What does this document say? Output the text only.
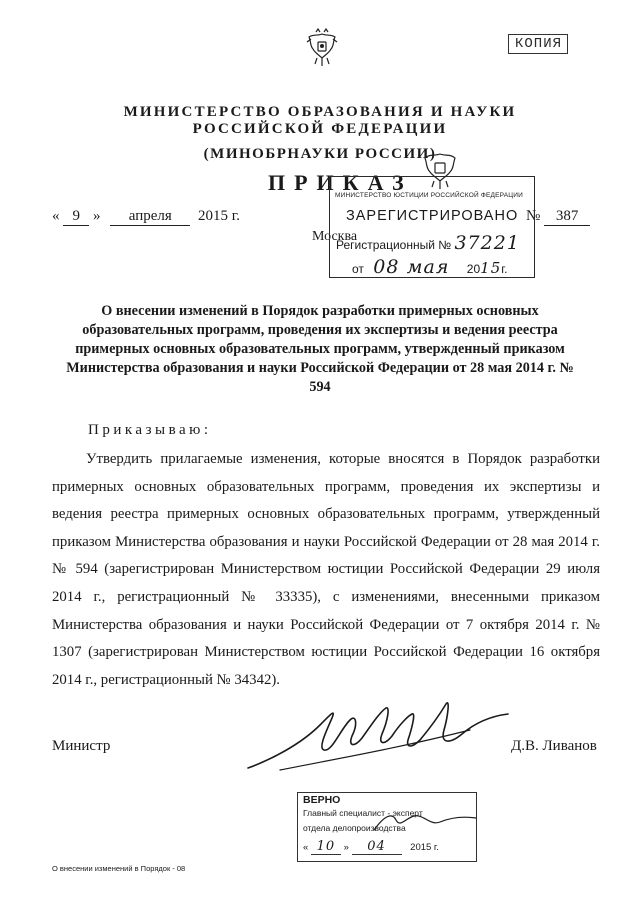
КОПИЯ
МИНИСТЕРСТВО ОБРАЗОВАНИЯ И НАУКИ
РОССИЙСКОЙ ФЕДЕРАЦИИ
(МИНОБРНАУКИ РОССИИ)
ПРИКАЗ
« 9 » апреля 2015 г.	№ 387
Москва
МИНИСТЕРСТВО ЮСТИЦИИ РОССИЙСКОЙ ФЕДЕРАЦИИ
ЗАРЕГИСТРИРОВАНО
Регистрационный № 37221
от 08 мая 2015г.
О внесении изменений в Порядок разработки примерных основных образовательных программ, проведения их экспертизы и ведения реестра примерных основных образовательных программ, утвержденный приказом Министерства образования и науки Российской Федерации от 28 мая 2014 г. № 594
Приказываю:
Утвердить прилагаемые изменения, которые вносятся в Порядок разработки примерных основных образовательных программ, проведения их экспертизы и ведения реестра примерных основных образовательных программ, утвержденный приказом Министерства образования и науки Российской Федерации от 28 мая 2014 г. № 594 (зарегистрирован Министерством юстиции Российской Федерации 29 июля 2014 г., регистрационный № 33335), с изменениями, внесенными приказом Министерства образования и науки Российской Федерации от 7 октября 2014 г. № 1307 (зарегистрирован Министерством юстиции Российской Федерации 16 октября 2014 г., регистрационный № 34342).
Министр	Д.В. Ливанов
ВЕРНО
Главный специалист - эксперт
отдела делопроизводства
« 10 » 04	2015 г.
О внесении изменений в Порядок - 08
